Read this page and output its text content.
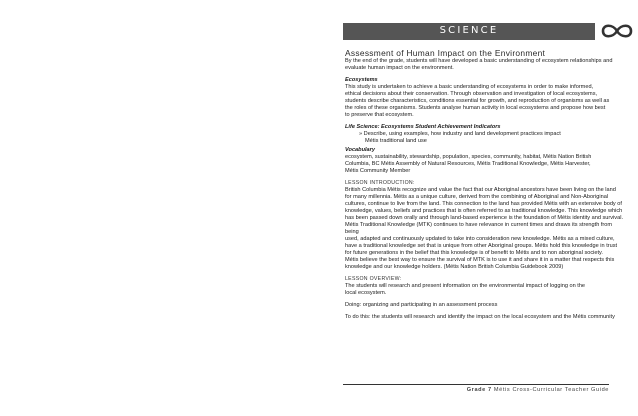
SCIENCE

Assessment of Human Impact on the Environment

By the end of the grade, students will have developed a basic understanding of ecosystem relationships and evaluate human impact on the environment.

Ecosystems

This study is undertaken to achieve a basic understanding of ecosystems in order to make informed,

ethical decisions about their conservation. Through observation and investigation of local ecosystems,

students describe characteristics, conditions essential for growth, and reproduction of organisms as well as

the roles of these organisms. Students analyse human activity in local ecosystems and propose how best

to preserve that ecosystem.

Life Science: Ecosystems Student Achievement Indicators

» Describe, using examples, how industry and land development practices impact

Métis traditional land use

Vocabulary

ecosystem, sustainability, stewardship, population, species, community, habitat, Métis Nation British

Columbia, BC Métis Assembly of Natural Resources, Métis Traditional Knowledge, Métis Harvester,

Métis Community Member

LESSON INTRODUCTION:

British Columbia Métis recognize and value the fact that our Aboriginal ancestors have been living on the land

for many millennia. Métis as a unique culture, derived from the combining of Aboriginal and Non-Aboriginal

cultures, continue to live from the land. This connection to the land has provided Métis with an extensive body of

knowledge, values, beliefs and practices that is often referred to as traditional knowledge. This knowledge which

has been passed down orally and through land-based experience is the foundation of Métis identity and survival.

Métis Traditional Knowledge (MTK) continues to have relevance in current times and draws its strength from being

used, adapted and continuously updated to take into consideration new knowledge. Métis as a mixed culture,

have a traditional knowledge set that is unique from other Aboriginal groups. Métis hold this knowledge in trust

for future generations in the belief that this knowledge is of benefit to Métis and to non aboriginal society.

Métis believe the best way to ensure the survival of MTK is to use it and share it in a matter that respects this

knowledge and our knowledge holders. (Métis Nation British Columbia Guidebook 2009)

LESSON OVERVIEW:

The students will research and present information on the environmental impact of logging on the

local ecosystem.

Doing: organizing and participating in an assessment process

To do this: the students will research and identify the impact on the local ecosystem and the Métis community

Grade 7 Métis Cross-Curricular Teacher Guide
